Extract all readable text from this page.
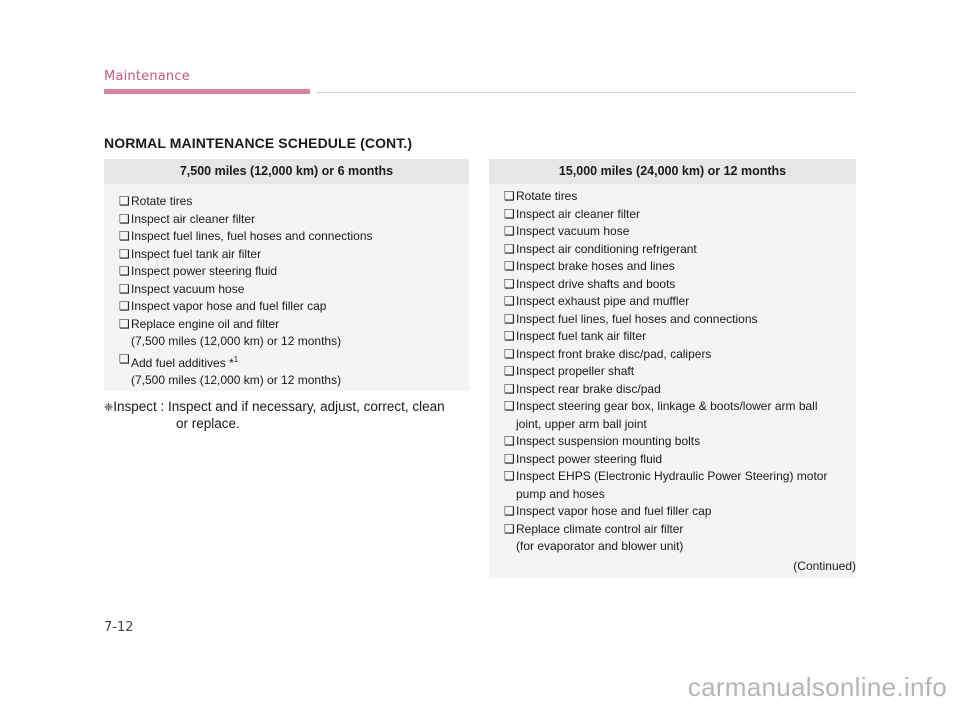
Maintenance
NORMAL MAINTENANCE SCHEDULE (CONT.)
7,500 miles (12,000 km) or 6 months
❑ Rotate tires
❑ Inspect air cleaner filter
❑ Inspect fuel lines, fuel hoses and connections
❑ Inspect fuel tank air filter
❑ Inspect power steering fluid
❑ Inspect vacuum hose
❑ Inspect vapor hose and fuel filler cap
❑ Replace engine oil and filter
(7,500 miles (12,000 km) or 12 months)
❑ Add fuel additives *$^1$
(7,500 miles (12,000 km) or 12 months)
❈Inspect : Inspect and if necessary, adjust, correct, clean
or replace.
15,000 miles (24,000 km) or 12 months
❑ Rotate tires
❑ Inspect air cleaner filter
❑ Inspect vacuum hose
❑ Inspect air conditioning refrigerant
❑ Inspect brake hoses and lines
❑ Inspect drive shafts and boots
❑ Inspect exhaust pipe and muffler
❑ Inspect fuel lines, fuel hoses and connections
❑ Inspect fuel tank air filter
❑ Inspect front brake disc/pad, calipers
❑ Inspect propeller shaft
❑ Inspect rear brake disc/pad
❑ Inspect steering gear box, linkage & boots/lower arm ball
joint, upper arm ball joint
❑ Inspect suspension mounting bolts
❑ Inspect power steering fluid
❑ Inspect EHPS (Electronic Hydraulic Power Steering) motor
pump and hoses
❑ Inspect vapor hose and fuel filler cap
❑ Replace climate control air filter
(for evaporator and blower unit)
(Continued)
7-12
carmanualsonline.info
